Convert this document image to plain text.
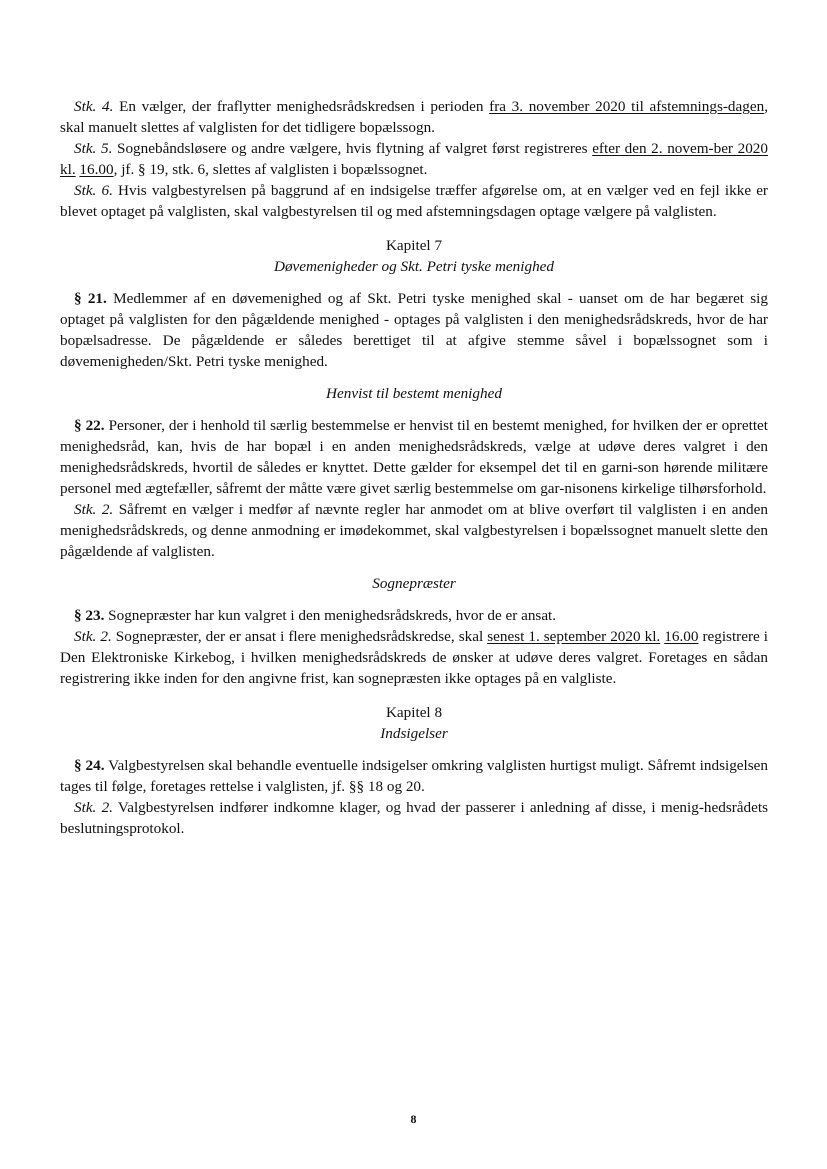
Stk. 4. En vælger, der fraflytter menighedsrådskredsen i perioden fra 3. november 2020 til afstemnings-dagen, skal manuelt slettes af valglisten for det tidligere bopælssogn.

Stk. 5. Sognebåndsløsere og andre vælgere, hvis flytning af valgret først registreres efter den 2. novem-ber 2020 kl. 16.00, jf. § 19, stk. 6, slettes af valglisten i bopælssognet.

Stk. 6. Hvis valgbestyrelsen på baggrund af en indsigelse træffer afgørelse om, at en vælger ved en fejl ikke er blevet optaget på valglisten, skal valgbestyrelsen til og med afstemningsdagen optage vælgere på valglisten.

Kapitel 7

Døvemenigheder og Skt. Petri tyske menighed

§ 21. Medlemmer af en døvemenighed og af Skt. Petri tyske menighed skal - uanset om de har begæret sig optaget på valglisten for den pågældende menighed - optages på valglisten i den menighedsrådskreds, hvor de har bopælsadresse. De pågældende er således berettiget til at afgive stemme såvel i bopælssognet som i døvemenigheden/Skt. Petri tyske menighed.

Henvist til bestemt menighed

§ 22. Personer, der i henhold til særlig bestemmelse er henvist til en bestemt menighed, for hvilken der er oprettet menighedsråd, kan, hvis de har bopæl i en anden menighedsrådskreds, vælge at udøve deres valgret i den menighedsrådskreds, hvortil de således er knyttet. Dette gælder for eksempel det til en garni-son hørende militære personel med ægtefæller, såfremt der måtte være givet særlig bestemmelse om gar-nisonens kirkelige tilhørsforhold.

Stk. 2. Såfremt en vælger i medfør af nævnte regler har anmodet om at blive overført til valglisten i en anden menighedsrådskreds, og denne anmodning er imødekommet, skal valgbestyrelsen i bopælssognet manuelt slette den pågældende af valglisten.

Sognepræster

§ 23. Sognepræster har kun valgret i den menighedsrådskreds, hvor de er ansat.

Stk. 2. Sognepræster, der er ansat i flere menighedsrådskredse, skal senest 1. september 2020 kl. 16.00 registrere i Den Elektroniske Kirkebog, i hvilken menighedsrådskreds de ønsker at udøve deres valgret. Foretages en sådan registrering ikke inden for den angivne frist, kan sognepræsten ikke optages på en valgliste.

Kapitel 8

Indsigelser

§ 24. Valgbestyrelsen skal behandle eventuelle indsigelser omkring valglisten hurtigst muligt. Såfremt indsigelsen tages til følge, foretages rettelse i valglisten, jf. §§ 18 og 20.

Stk. 2. Valgbestyrelsen indfører indkomne klager, og hvad der passerer i anledning af disse, i menig-hedsrådets beslutningsprotokol.

8
